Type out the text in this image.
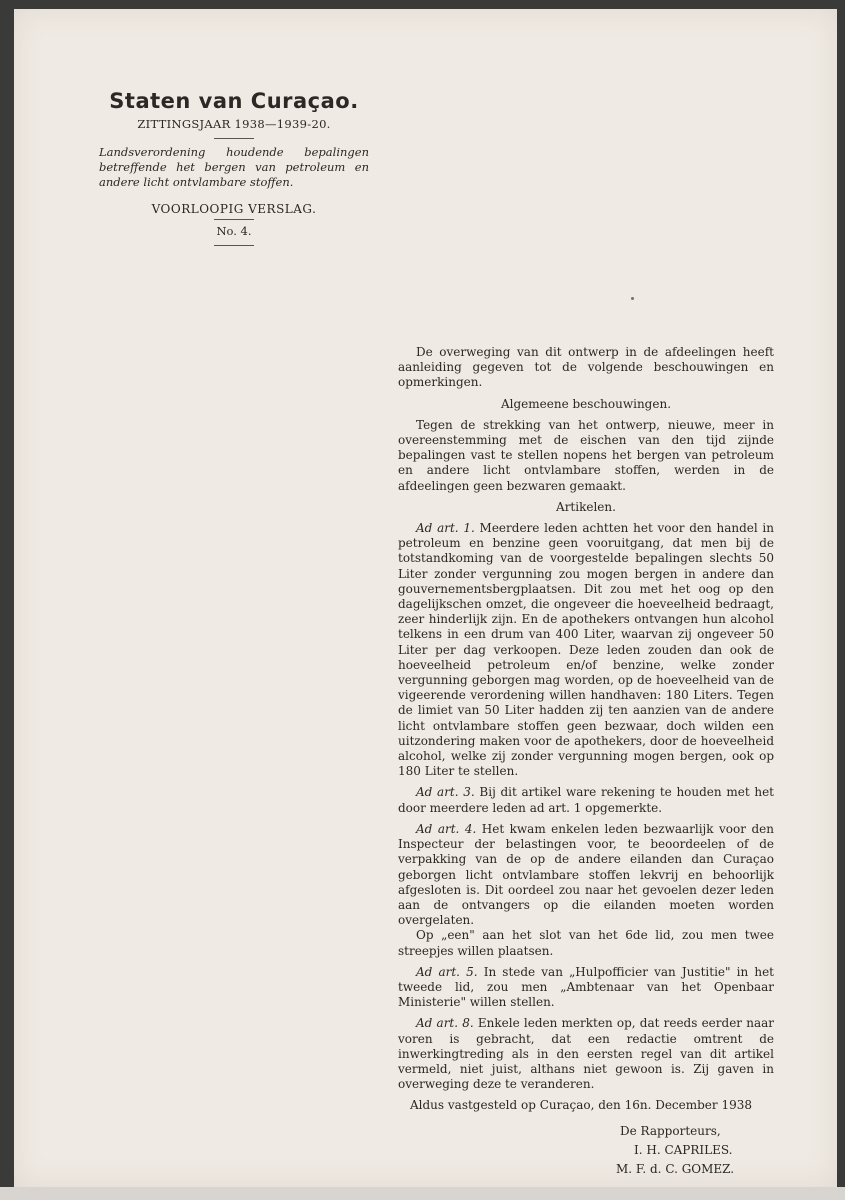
Staten van Curaçao.
ZITTINGSJAAR 1938—1939-20.
Landsverordening houdende bepalingen betreffende het bergen van petroleum en andere licht ontvlambare stoffen.
VOORLOOPIG VERSLAG.
No. 4.

De overweging van dit ontwerp in de afdeelingen heeft aanleiding gegeven tot de volgende beschouwingen en opmerkingen.

Algemeene beschouwingen.

Tegen de strekking van het ontwerp, nieuwe, meer in overeenstemming met de eischen van den tijd zijnde bepalingen vast te stellen nopens het bergen van petroleum en andere licht ontvlambare stoffen, werden in de afdeelingen geen bezwaren gemaakt.

Artikelen.

Ad art. 1. Meerdere leden achtten het voor den handel in petroleum en benzine geen vooruitgang, dat men bij de totstandkoming van de voorgestelde bepalingen slechts 50 Liter zonder vergunning zou mogen bergen in andere dan gouvernementsbergplaatsen. Dit zou met het oog op den dagelijkschen omzet, die ongeveer die hoeveelheid bedraagt, zeer hinderlijk zijn. En de apothekers ontvangen hun alcohol telkens in een drum van 400 Liter, waarvan zij ongeveer 50 Liter per dag verkoopen. Deze leden zouden dan ook de hoeveelheid petroleum en/of benzine, welke zonder vergunning geborgen mag worden, op de hoeveelheid van de vigeerende verordening willen handhaven: 180 Liters. Tegen de limiet van 50 Liter hadden zij ten aanzien van de andere licht ontvlambare stoffen geen bezwaar, doch wilden een uitzondering maken voor de apothekers, door de hoeveelheid alcohol, welke zij zonder vergunning mogen bergen, ook op 180 Liter te stellen.

Ad art. 3. Bij dit artikel ware rekening te houden met het door meerdere leden ad art. 1 opgemerkte.

Ad art. 4. Het kwam enkelen leden bezwaarlijk voor den Inspecteur der belastingen voor, te beoordeelen of de verpakking van de op de andere eilanden dan Curaçao geborgen licht ontvlambare stoffen lekvrij en behoorlijk afgesloten is. Dit oordeel zou naar het gevoelen dezer leden aan de ontvangers op die eilanden moeten worden overgelaten.

Op „een" aan het slot van het 6de lid, zou men twee streepjes willen plaatsen.

Ad art. 5. In stede van „Hulpofficier van Justitie" in het tweede lid, zou men „Ambtenaar van het Openbaar Ministerie" willen stellen.

Ad art. 8. Enkele leden merkten op, dat reeds eerder naar voren is gebracht, dat een redactie omtrent de inwerkingtreding als in den eersten regel van dit artikel vermeld, niet juist, althans niet gewoon is. Zij gaven in overweging deze te veranderen.

Aldus vastgesteld op Curaçao, den 16n. December 1938

De Rapporteurs,

I. H. CAPRILES.

M. F. d. C. GOMEZ.
